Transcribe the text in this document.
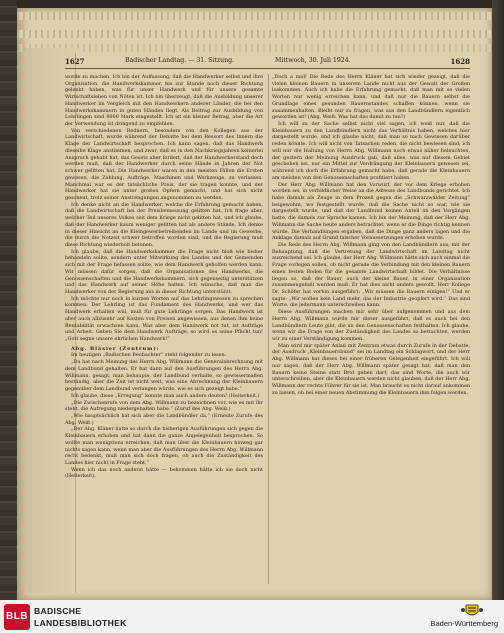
1627	Badischer Landtag. — 31. Sitzung.	Mittwoch, 30. Juli 1924.	1628

worde zu machen. Ich bin der Auffassung, daß die Handwerker selbst und ihre Organisation, die Handwerkskammer, bis zur Stunde noch dieser Richtung gelenkt haben, was für unser Handwerk und für unsere gesamte Wirtschaftsleben von Nöten ist. Ich bin überzeugt, daß die Ausbildung unserer Handwerker im Vergleich mit den Handwerkern anderer Länder, die bei den Handwerkskammern in guten Händen liegt. Als Beitrag zur Ausbildung von Lehrlingen sind 9000 Mark eingestellt. Ich ist ein kleiner Betrag, aber die Art der Verwendung ist dringend zu empfehlen.

Von verschiedenen Rednern, besonders von den Kollegen aus der Landwirtschaft, wurde während der Debatte bei dem Ressort des Innern die Klage der Landwirtschaft besprochen. Ich kann sagen, daß das Handwerk dieselbe Klage anstimmen, und zwar, daß es in den Nachkriegsjahren keinerlei Anspruch gehabt hat, das Gesetz aber fordert, daß der Handwerkerstand doch werden muß, daß der Handwerker durch seine Hände in Jahren der Not schwer gelitten hat. Die Handwerker waren in den meisten Fällen die Ersten gewesen, die Zahlung, Aufträge, Maschinen und Werkzeuge, zu verlassen. Manchmal war es der tatsächliche Preis, der sie tragen konnte, und der Handwerker hat sie unter großen Opfern gemacht, und hat sich nicht gescheut, trotz seiner Anstrengungen angenommen zu werden.

Ich denke nicht an die Handwerker, welche die Erfahrung gemacht haben, daß die Landwirtschaft bei der Preisbemessung gelitten hat. Ich frage aber, welcher Teil unseres Volkes seit dem Kriege nicht gelitten hat, und ich glaube, daß der Handwerker kaum weniger gelitten hat als andere Stände. Ich denke in dieser Hinsicht an die Kleingewerbetreibenden im Lande und im Gewerbe, die durch die Notzeit schwer betroffen worden sind, und die Regierung muß diese Richtung wiederholt betonen.

Ich glaube, daß die Handwerkskammer die Frage nicht bloß wie bisher behandeln sollte, sondern unter Mitwirkung des Landes und der Gemeinden sich mit der Frage befassen sollte, wie dem Handwerk geholfen werden kann. Wir müssen dafür sorgen, daß die Organisationen des Handwerks, die Genossenschaften und die Handwerkskammern, sich gegenseitig unterstützen und das Handwerk auf seiner Höhe halten. Ich wünsche, daß man die Handwerker von der Regierung aus in dieser Richtung unterstützt.

Ich möchte nur noch in kurzen Worten auf das Lehrlingswesen zu sprechen kommen. Der Lehrling ist das Fundament des Handwerks, und wer das Handwerk erhalten will, muß für gute Lehrlinge sorgen. Das Handwerk ist aber auch allzusehr auf Kosten von Preisen angewiesen, aus denen ihm keine Rentabilität erwachsen kann. Was aber dem Handwerk not tut, ist Aufträge und Arbeit. Geben Sie dem Handwerk Aufträge, so wird es seine Pflicht tun! „Gott segne unsere ehrlichen Handwerk!“

Abg. Bläsier (Zentrum):

Im heutigen „Badischen Beobachter“ steht folgender zu lesen:

„Da hat nach Meinung des Herrn Abg. Willmann die Generalabrechnung mit dem Landbund gehalten. Er hat dann auf den Ausführungen des Herrn Abg. Willmann, gesagt, man behaupte, der Landbund verhalte, so gewissermaßen beständig, aber die Zeit ist nicht weit, was eine Abrechnung der Kleinbauern gegenüber dem Landbund verlangen würde, wie es sich gezeigt habe.“

Ich glaube, diese „Erregung“ konnte man auch anders deuten! (Heiterkeit.)

„Die Zwischenrufe von dem Abg. Willmann zu bezeichnen vor, wie es mit ihr steht, die Aufregung niedergehalten habe.“ (Zuruf des Abg. Weiß.)

„Wie hauptsächlich hat sich aber die Landbündler da.“ (Erneute Zurufe des Abg. Weiß.)

„Der Abg. Kläner hatte so durch die bisherigen Ausführungen sich gegen die Kleinbauern erhoben und hat dann die ganze Angelegenheit besprochen. So wollte man wenigstens erreichen, daß man über die Kleinbauern hinweg gar nichts sagen kann, wenn man aber die Ausführungen des Herrn Abg. Willmann recht bedenkt, muß man sich doch fragen, ob auch die Zuständigkeit des Landes hier nicht in Frage steht.“

Wenn ich das noch anderst hätte — bekommen hätte ich sie doch nicht (Heiterkeit).

„Doch a mol! Die Rede des Herrn Kläner hat sich wieder gezeigt, daß die vielen kleinen Bauern in unserem Lande nicht aus der Gewalt der Großen loskommen. Auch ich habe die Erfahrung gemacht, daß man mit so vielen Worten nur wenig erreichen kann, und daß nur die Bauern selbst die Grundlage eines gesunden Bauernstandes schaffen können, wenn sie zusammenhalten. Bleibt nur zu fragen, was aus den Landbündlern eigentlich geworden ist! (Abg. Weiß: Was hat das damit zu tun?)

Ich will zu der Sache selbst nicht viel sagen, ich weiß nur, daß die Kleinbauern zu den Landbündlern nicht das Verhältnis haben, welches hier dargestellt wurde, und ich glaube nicht, daß man so nach Gewissen darüber reden könnte. Ich will nicht von Tatsachen reden, die nicht bewiesen sind; ich will nur die Haltung von Herrn Abg. Willmann noch etwas näher beleuchten, der gestern der Meinung Ausdruck gab, daß alles, was auf diesem Gebiet geschehen sei, nur ein Mittel zur Verdrängung der Kleinbauern gewesen sei, während ich doch die Erfahrung gemacht habe, daß gerade die Kleinbauern am meisten von den Genossenschaften profitiert haben.

Der Herr Abg. Willmann hat den Vorwurf, der vor dem Kriege erhoben worden sei, in vorbildlicher Weise an die Adresse des Landbunds gerichtet. Ich habe damals als Zeuge in dem Prozeß gegen die „Schwarzwälder Zeitung“ beigewohnt, wo festgestellt wurde, daß die Sache nicht so war, wie sie dargestellt wurde, und daß der Landbund keinen Anteil an den Vorgängen hatte, die damals zur Sprache kamen. Ich bin der Meinung, daß der Herr Abg. Willmann die Sache heute anders betrachtet, wenn er die Dinge richtig kennen würde. Die Verhandlungen ergaben, daß die Dinge ganz anders lagen und die Anklage damals auf Grund falscher Voraussetzungen erhoben wurde.

Die Rede des Herrn Abg. Willmann ging von den Landbündlern aus, mit der Behauptung, daß die Vertretung der Landwirtschaft im Landtag nicht ausreichend sei. Ich glaube, der Herr Abg. Willmann hätte sich auch einmal die Frage vorlegen sollen, ob nicht gerade die Verbindung mit den kleinen Bauern einen festen Boden für die gesamte Landwirtschaft bildet. Die Verhältnisse liegen so, daß der Bauer, auch der kleine Bauer, in einer Organisation zusammengefaßt werden muß. Er hat dies nicht anders gewollt. Herr Kollege Dr. Schöfer hat vorhin ausgeführt: „Wir müssen die Bauern einigen!“ Und er sagte: „Wir wollen kein Land mehr, das der Industrie geopfert wird.“ Das sind Worte, die jedermann unterschreiben kann.

Diese Ausführungen machen mir sehr über aufgenommen und aus dem Herrn Abg. Willmann wurde mir dieser ausgeführt, daß es auch bei den Landbündlern Leute gibt, die an den Genossenschaften festhalten. Ich glaube, wenn wir die Frage von der Zuständigkeit des Landes so betrachten, werden wir zu einer Verständigung kommen.

Man wird mir später Anlaß mit Zentrum etwas durch Zurufe in der Debatte, der Ausdruck „Kleinbauernbund“ sei im Landtag ein Schlagwort, und der Herr Abg. Willmann hat dieses bei einer früheren Gelegenheit eingeführt. Ich will nur sagen, daß der Herr Abg. Willmann später gesagt hat, daß man den Bauern keine Steine statt Brot geben darf; das sind Worte, die auch wir unterschreiben, aber die Kleinbauern werden nicht glauben, daß der Herr Abg. Willmann der rechte Führer für sie ist. Man braucht es nicht darauf ankommen zu lassen, ob bei einer neuen Abstimmung die Kleinbauern ihm folgen werden.

BLB BADISCHE
LANDESBIBLIOTHEK	Baden-Württemberg
